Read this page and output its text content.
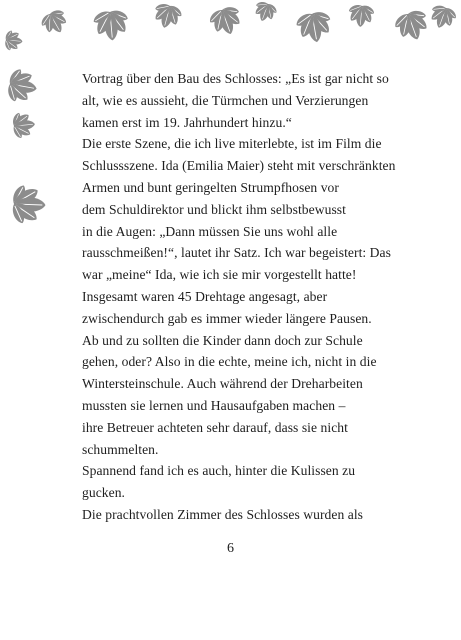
Vortrag über den Bau des Schlosses: „Es ist gar nicht so
alt, wie es aussieht, die Türmchen und Verzierungen
kamen erst im 19. Jahrhundert hinzu.“
Die erste Szene, die ich live miterlebte, ist im Film die
Schlussszene. Ida (Emilia Maier) steht mit verschränkten
Armen und bunt geringelten Strumpfhosen vor
dem Schuldirektor und blickt ihm selbstbewusst
in die Augen: „Dann müssen Sie uns wohl alle
rausschmeißen!“, lautet ihr Satz. Ich war begeistert: Das
war „meine“ Ida, wie ich sie mir vorgestellt hatte!
Insgesamt waren 45 Drehtage angesagt, aber
zwischendurch gab es immer wieder längere Pausen.
Ab und zu sollten die Kinder dann doch zur Schule
gehen, oder? Also in die echte, meine ich, nicht in die
Wintersteinschule. Auch während der Dreharbeiten
mussten sie lernen und Hausaufgaben machen –
ihre Betreuer achteten sehr darauf, dass sie nicht
schummelten.
Spannend fand ich es auch, hinter die Kulissen zu
gucken.
Die prachtvollen Zimmer des Schlosses wurden als
6
